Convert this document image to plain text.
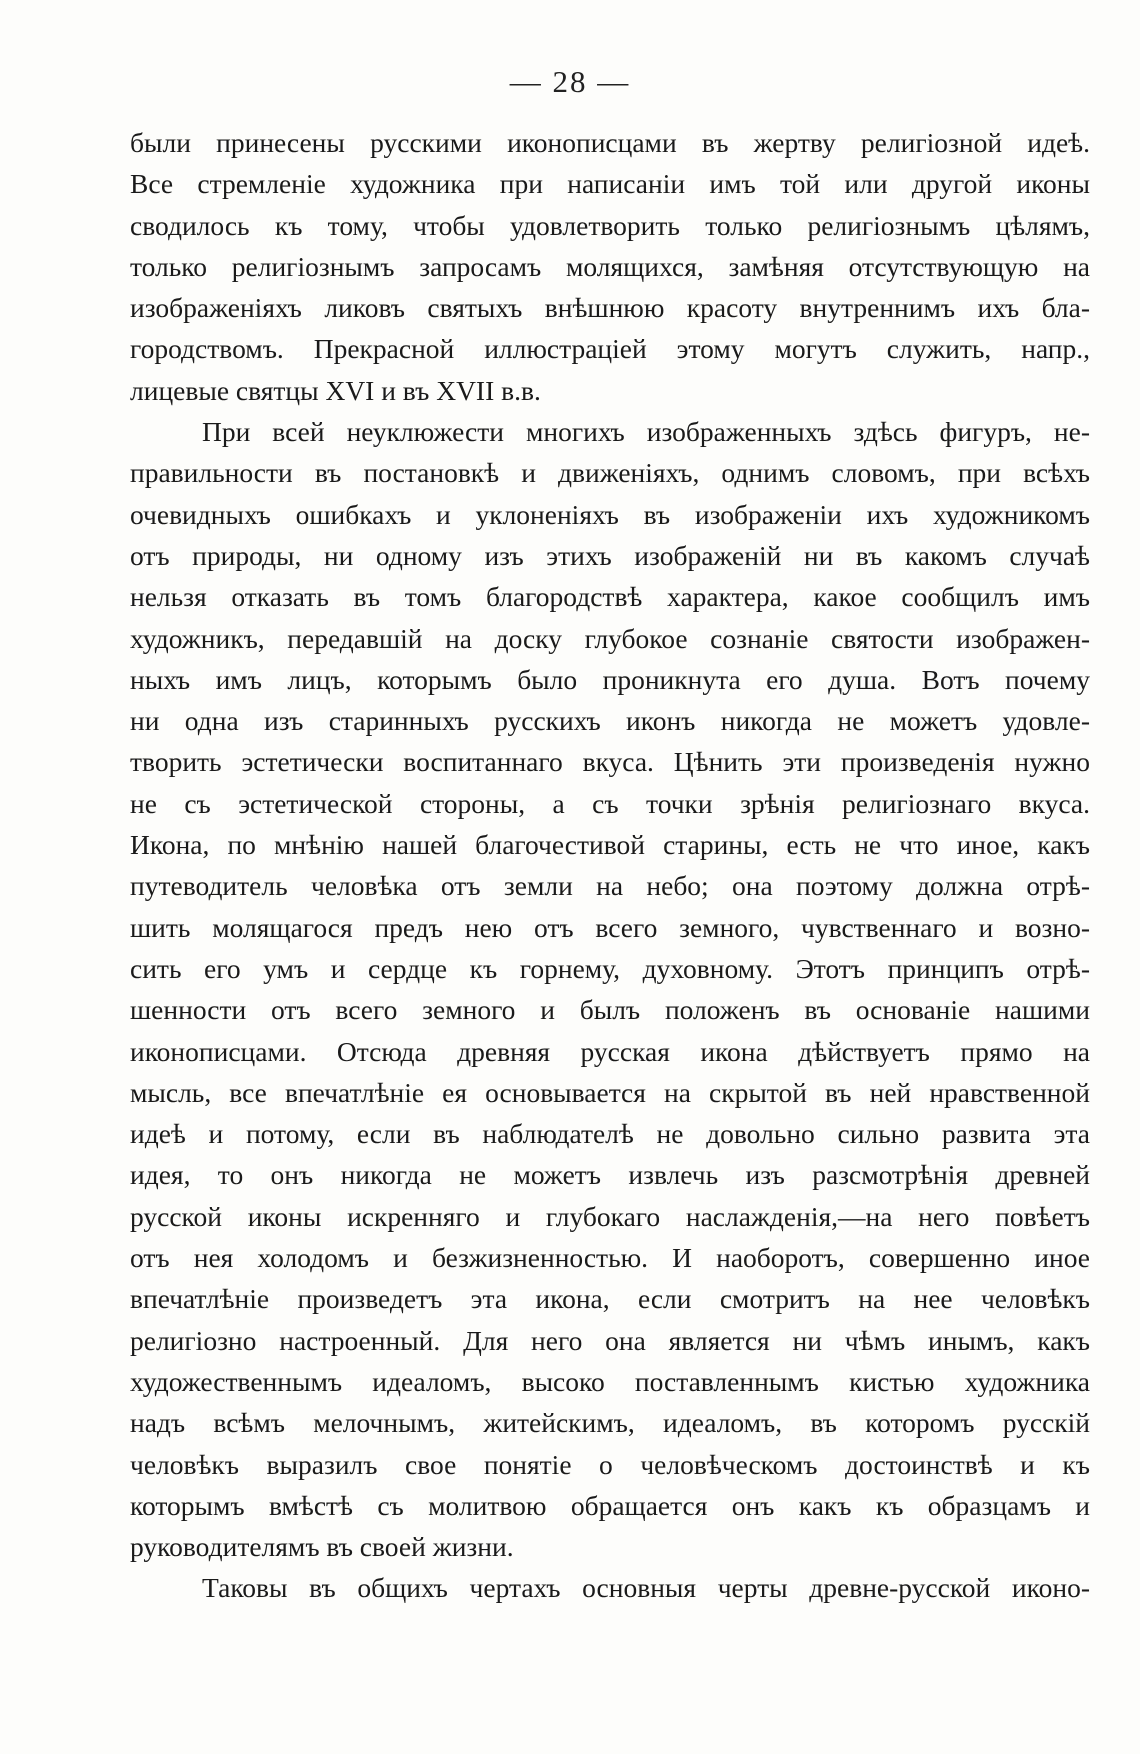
— 28 —
были принесены русскими иконописцами въ жертву религіозной идеѣ.
Все стремленіе художника при написаніи имъ той или другой иконы
сводилось къ тому, чтобы удовлетворить только религіознымъ цѣлямъ,
только религіознымъ запросамъ молящихся, замѣняя отсутствующую на
изображеніяхъ ликовъ святыхъ внѣшнюю красоту внутреннимъ ихъ бла-
городствомъ. Прекрасной иллюстраціей этому могутъ служить, напр.,
лицевые святцы XVI и въ XVII в.в.
При всей неуклюжести многихъ изображенныхъ здѣсь фигуръ, не-
правильности въ постановкѣ и движеніяхъ, однимъ словомъ, при всѣхъ
очевидныхъ ошибкахъ и уклоненіяхъ въ изображеніи ихъ художникомъ
отъ природы, ни одному изъ этихъ изображеній ни въ какомъ случаѣ
нельзя отказать въ томъ благородствѣ характера, какое сообщилъ имъ
художникъ, передавшій на доску глубокое сознаніе святости изображен-
ныхъ имъ лицъ, которымъ было проникнута его душа. Вотъ почему
ни одна изъ старинныхъ русскихъ иконъ никогда не можетъ удовле-
творить эстетически воспитаннаго вкуса. Цѣнить эти произведенія нужно
не съ эстетической стороны, а съ точки зрѣнія религіознаго вкуса.
Икона, по мнѣнію нашей благочестивой старины, есть не что иное, какъ
путеводитель человѣка отъ земли на небо; она поэтому должна отрѣ-
шить молящагося предъ нею отъ всего земного, чувственнаго и возно-
сить его умъ и сердце къ горнему, духовному. Этотъ принципъ отрѣ-
шенности отъ всего земного и былъ положенъ въ основаніе нашими
иконописцами. Отсюда древняя русская икона дѣйствуетъ прямо на
мысль, все впечатлѣніе ея основывается на скрытой въ ней нравственной
идеѣ и потому, если въ наблюдателѣ не довольно сильно развита эта
идея, то онъ никогда не можетъ извлечь изъ разсмотрѣнія древней
русской иконы искренняго и глубокаго наслажденія,—на него повѣетъ
отъ нея холодомъ и безжизненностью. И наоборотъ, совершенно иное
впечатлѣніе произведетъ эта икона, если смотритъ на нее человѣкъ
религіозно настроенный. Для него она является ни чѣмъ инымъ, какъ
художественнымъ идеаломъ, высоко поставленнымъ кистью художника
надъ всѣмъ мелочнымъ, житейскимъ, идеаломъ, въ которомъ русскій
человѣкъ выразилъ свое понятіе о человѣческомъ достоинствѣ и къ
которымъ вмѣстѣ съ молитвою обращается онъ какъ къ образцамъ и
руководителямъ въ своей жизни.
Таковы въ общихъ чертахъ основныя черты древне-русской иконо-
